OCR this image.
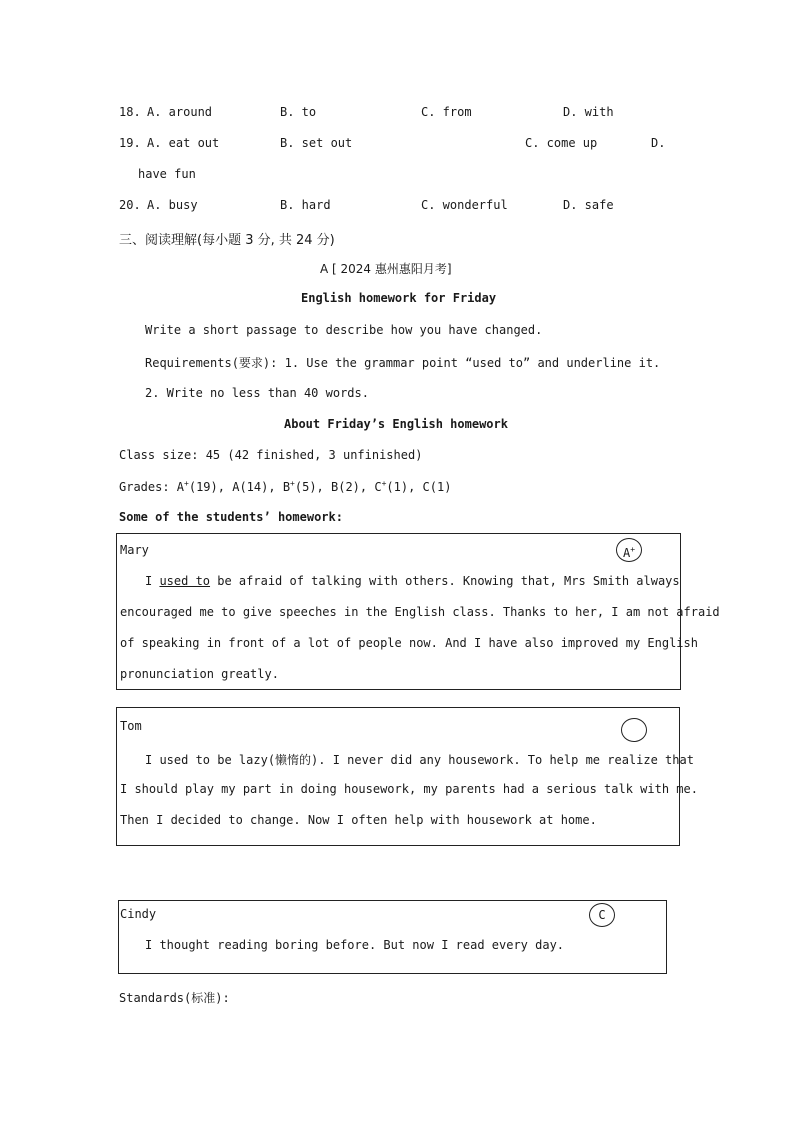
18. A. around	B. to	C. from	D. with
19. A. eat out	B. set out	C. come up	D.
have fun
20. A. busy	B. hard	C. wonderful	D. safe
三、阅读理解(每小题 3 分, 共 24 分)
A [ 2024 惠州惠阳月考]
English homework for Friday
Write a short passage to describe how you have changed.
Requirements(要求): 1. Use the grammar point “used to” and underline it.
2. Write no less than 40 words.
About Friday’s English homework
Class size: 45 (42 finished, 3 unfinished)
Grades: A+(19), A(14), B+(5), B(2), C+(1), C(1)
Some of the students’ homework:
Mary	A+
I used to be afraid of talking with others. Knowing that, Mrs Smith always
encouraged me to give speeches in the English class. Thanks to her, I am not afraid
of speaking in front of a lot of people now. And I have also improved my English
pronunciation greatly.
Tom
I used to be lazy(懒惰的). I never did any housework. To help me realize that
I should play my part in doing housework, my parents had a serious talk with me.
Then I decided to change. Now I often help with housework at home.
Cindy	C
I thought reading boring before. But now I read every day.
Standards(标准):
